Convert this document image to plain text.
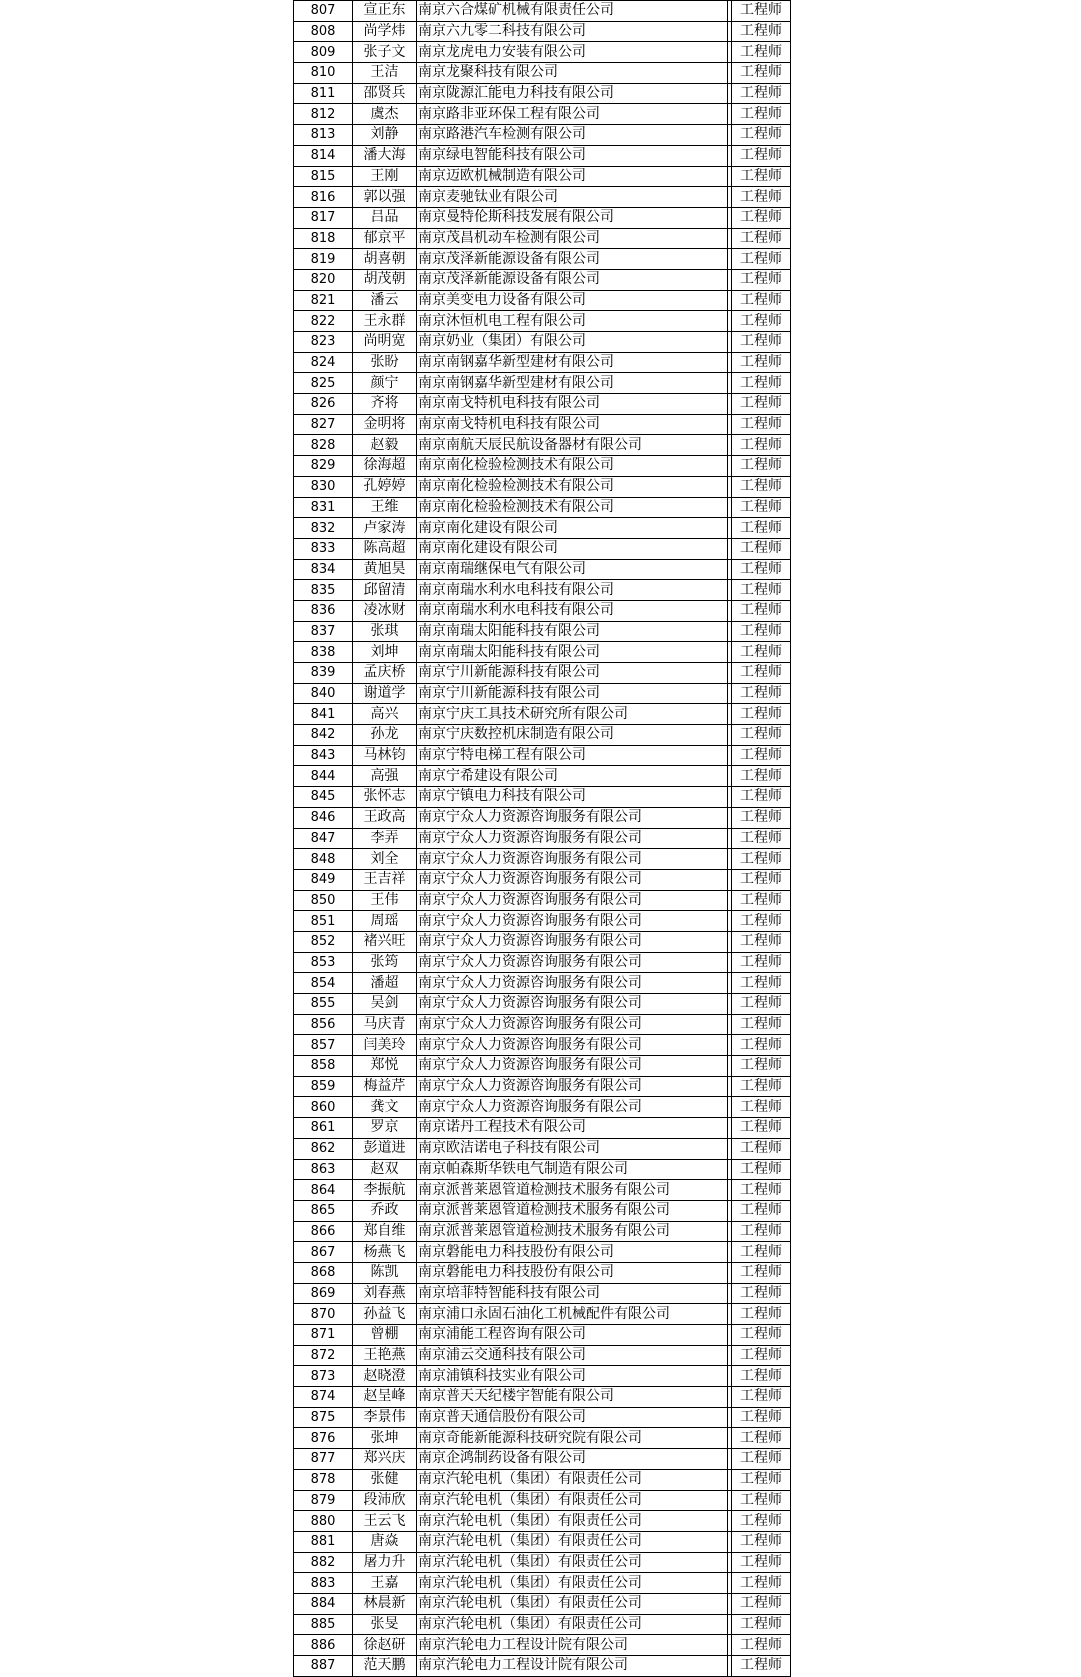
807	宣正东	南京六合煤矿机械有限责任公司		工程师
808	尚学炜	南京六九零二科技有限公司		工程师
809	张子文	南京龙虎电力安装有限公司		工程师
810	王洁	南京龙聚科技有限公司		工程师
811	邵贤兵	南京陇源汇能电力科技有限公司		工程师
812	虞杰	南京路非亚环保工程有限公司		工程师
813	刘静	南京路港汽车检测有限公司		工程师
814	潘大海	南京绿电智能科技有限公司		工程师
815	王刚	南京迈欧机械制造有限公司		工程师
816	郭以强	南京麦驰钛业有限公司		工程师
817	吕品	南京曼特伦斯科技发展有限公司		工程师
818	郁京平	南京茂昌机动车检测有限公司		工程师
819	胡喜朝	南京茂泽新能源设备有限公司		工程师
820	胡茂朝	南京茂泽新能源设备有限公司		工程师
821	潘云	南京美变电力设备有限公司		工程师
822	王永群	南京沐恒机电工程有限公司		工程师
823	尚明宽	南京奶业（集团）有限公司		工程师
824	张盼	南京南钢嘉华新型建材有限公司		工程师
825	颜宁	南京南钢嘉华新型建材有限公司		工程师
826	齐将	南京南戈特机电科技有限公司		工程师
827	金明将	南京南戈特机电科技有限公司		工程师
828	赵毅	南京南航天辰民航设备器材有限公司		工程师
829	徐海超	南京南化检验检测技术有限公司		工程师
830	孔婷婷	南京南化检验检测技术有限公司		工程师
831	王维	南京南化检验检测技术有限公司		工程师
832	卢家涛	南京南化建设有限公司		工程师
833	陈高超	南京南化建设有限公司		工程师
834	黄旭昊	南京南瑞继保电气有限公司		工程师
835	邱留清	南京南瑞水利水电科技有限公司		工程师
836	凌冰财	南京南瑞水利水电科技有限公司		工程师
837	张琪	南京南瑞太阳能科技有限公司		工程师
838	刘坤	南京南瑞太阳能科技有限公司		工程师
839	孟庆桥	南京宁川新能源科技有限公司		工程师
840	谢道学	南京宁川新能源科技有限公司		工程师
841	高兴	南京宁庆工具技术研究所有限公司		工程师
842	孙龙	南京宁庆数控机床制造有限公司		工程师
843	马林钧	南京宁特电梯工程有限公司		工程师
844	高强	南京宁希建设有限公司		工程师
845	张怀志	南京宁镇电力科技有限公司		工程师
846	王政高	南京宁众人力资源咨询服务有限公司		工程师
847	李弄	南京宁众人力资源咨询服务有限公司		工程师
848	刘全	南京宁众人力资源咨询服务有限公司		工程师
849	王吉祥	南京宁众人力资源咨询服务有限公司		工程师
850	王伟	南京宁众人力资源咨询服务有限公司		工程师
851	周瑶	南京宁众人力资源咨询服务有限公司		工程师
852	褚兴旺	南京宁众人力资源咨询服务有限公司		工程师
853	张筠	南京宁众人力资源咨询服务有限公司		工程师
854	潘超	南京宁众人力资源咨询服务有限公司		工程师
855	吴剑	南京宁众人力资源咨询服务有限公司		工程师
856	马庆青	南京宁众人力资源咨询服务有限公司		工程师
857	闫美玲	南京宁众人力资源咨询服务有限公司		工程师
858	郑悦	南京宁众人力资源咨询服务有限公司		工程师
859	梅益芹	南京宁众人力资源咨询服务有限公司		工程师
860	龚文	南京宁众人力资源咨询服务有限公司		工程师
861	罗京	南京诺丹工程技术有限公司		工程师
862	彭道进	南京欧洁诺电子科技有限公司		工程师
863	赵双	南京帕森斯华铁电气制造有限公司		工程师
864	李振航	南京派普莱恩管道检测技术服务有限公司		工程师
865	乔政	南京派普莱恩管道检测技术服务有限公司		工程师
866	郑自维	南京派普莱恩管道检测技术服务有限公司		工程师
867	杨燕飞	南京磐能电力科技股份有限公司		工程师
868	陈凯	南京磐能电力科技股份有限公司		工程师
869	刘春燕	南京培菲特智能科技有限公司		工程师
870	孙益飞	南京浦口永固石油化工机械配件有限公司		工程师
871	曾棚	南京浦能工程咨询有限公司		工程师
872	王艳燕	南京浦云交通科技有限公司		工程师
873	赵晓澄	南京浦镇科技实业有限公司		工程师
874	赵呈峰	南京普天天纪楼宇智能有限公司		工程师
875	李景伟	南京普天通信股份有限公司		工程师
876	张坤	南京奇能新能源科技研究院有限公司		工程师
877	郑兴庆	南京企鸿制药设备有限公司		工程师
878	张健	南京汽轮电机（集团）有限责任公司		工程师
879	段沛欣	南京汽轮电机（集团）有限责任公司		工程师
880	王云飞	南京汽轮电机（集团）有限责任公司		工程师
881	唐焱	南京汽轮电机（集团）有限责任公司		工程师
882	屠力升	南京汽轮电机（集团）有限责任公司		工程师
883	王嘉	南京汽轮电机（集团）有限责任公司		工程师
884	林晨新	南京汽轮电机（集团）有限责任公司		工程师
885	张旻	南京汽轮电机（集团）有限责任公司		工程师
886	徐赵研	南京汽轮电力工程设计院有限公司		工程师
887	范天鹏	南京汽轮电力工程设计院有限公司		工程师
